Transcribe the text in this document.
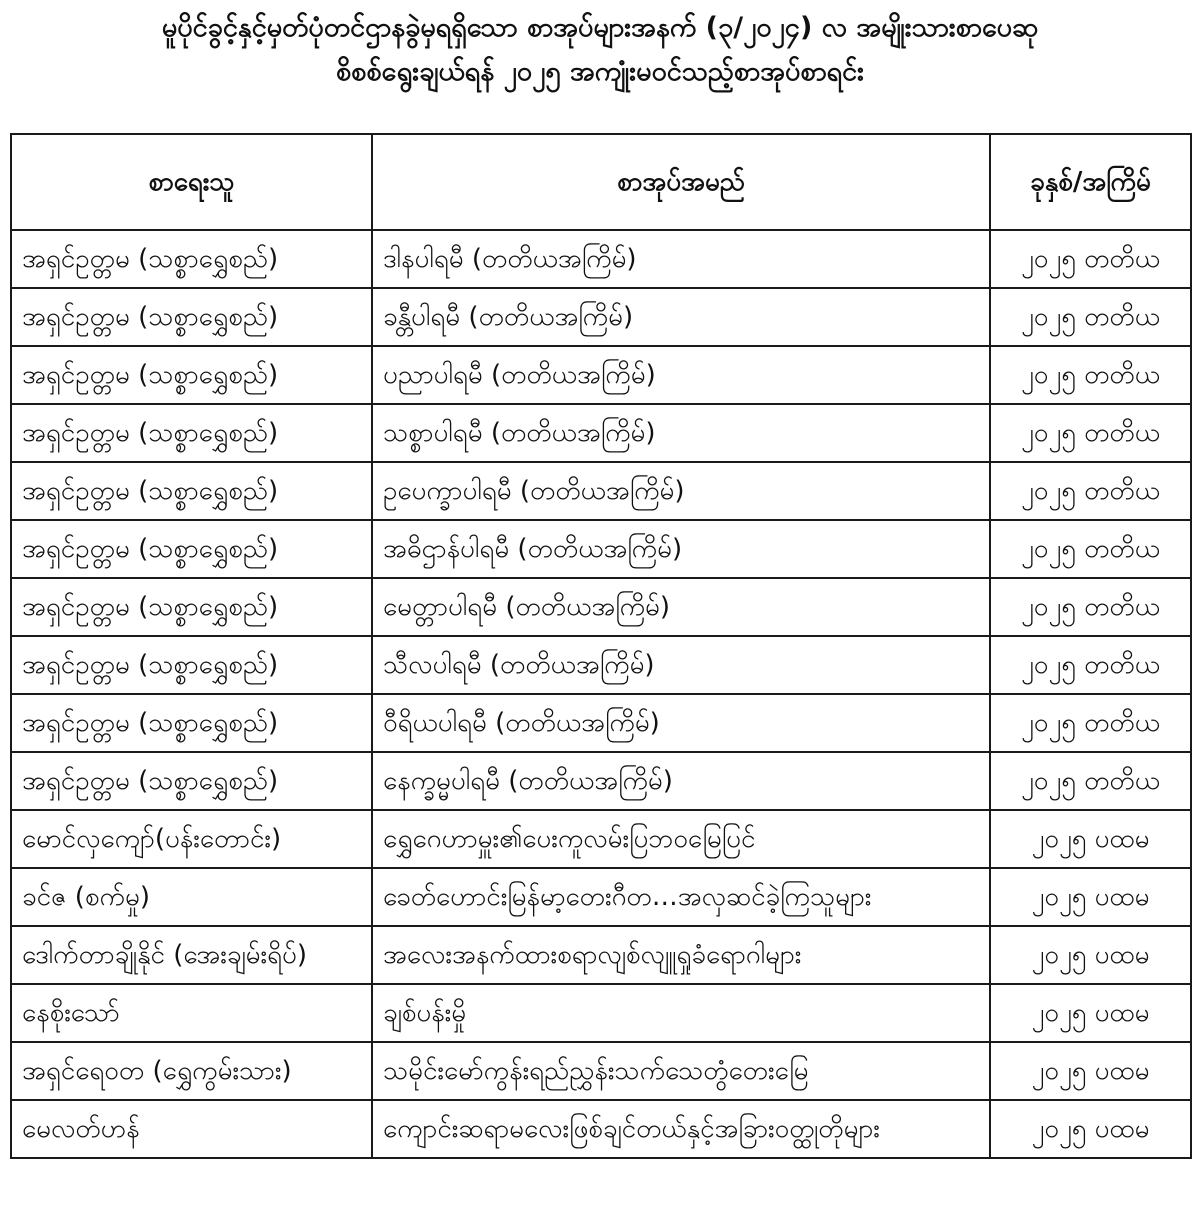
မူပိုင်ခွင့်နှင့်မှတ်ပုံတင်ဌာနခွဲမှရရှိသော စာအုပ်များအနက် (၃/၂၀၂၄) လ အမျိုးသားစာပေဆု
စိစစ်ရွေးချယ်ရန် ၂၀၂၅ အကျုံးမဝင်သည့်စာအုပ်စာရင်း
စာရေးသူ	စာအုပ်အမည်	ခုနှစ်/အကြိမ်
အရှင်ဥတ္တမ (သစ္စာရွှေစည်)	ဒါနပါရမီ (တတိယအကြိမ်)	၂၀၂၅ တတိယ
အရှင်ဥတ္တမ (သစ္စာရွှေစည်)	ခန္တီပါရမီ (တတိယအကြိမ်)	၂၀၂၅ တတိယ
အရှင်ဥတ္တမ (သစ္စာရွှေစည်)	ပညာပါရမီ (တတိယအကြိမ်)	၂၀၂၅ တတိယ
အရှင်ဥတ္တမ (သစ္စာရွှေစည်)	သစ္စာပါရမီ (တတိယအကြိမ်)	၂၀၂၅ တတိယ
အရှင်ဥတ္တမ (သစ္စာရွှေစည်)	ဥပေက္ခာပါရမီ (တတိယအကြိမ်)	၂၀၂၅ တတိယ
အရှင်ဥတ္တမ (သစ္စာရွှေစည်)	အဓိဌာန်ပါရမီ (တတိယအကြိမ်)	၂၀၂၅ တတိယ
အရှင်ဥတ္တမ (သစ္စာရွှေစည်)	မေတ္တာပါရမီ (တတိယအကြိမ်)	၂၀၂၅ တတိယ
အရှင်ဥတ္တမ (သစ္စာရွှေစည်)	သီလပါရမီ (တတိယအကြိမ်)	၂၀၂၅ တတိယ
အရှင်ဥတ္တမ (သစ္စာရွှေစည်)	ဝီရိယပါရမီ (တတိယအကြိမ်)	၂၀၂၅ တတိယ
အရှင်ဥတ္တမ (သစ္စာရွှေစည်)	နေက္ခမ္မပါရမီ (တတိယအကြိမ်)	၂၀၂၅ တတိယ
မောင်လှကျော်(ပန်းတောင်း)	ရွှေဂေဟာမှူး၏ပေးကူလမ်းပြဘဝမြေပြင်	၂၀၂၅ ပထမ
ခင်ဇ (စက်မှု)	ခေတ်ဟောင်းမြန်မာ့တေးဂီတ…အလှဆင်ခဲ့ကြသူများ	၂၀၂၅ ပထမ
ဒေါက်တာချိုနိုင် (အေးချမ်းရိပ်)	အလေးအနက်ထားစရာလျစ်လျူရှုခံရောဂါများ	၂၀၂၅ ပထမ
နေစိုးသော်	ချစ်ပန်းမှို	၂၀၂၅ ပထမ
အရှင်ရေဝတ (ရွှေကွမ်းသား)	သမိုင်းမော်ကွန်းရည်ညွှန်းသက်သေတွံတေးမြေ	၂၀၂၅ ပထမ
မေလတ်ဟန်	ကျောင်းဆရာမလေးဖြစ်ချင်တယ်နှင့်အခြားဝတ္ထုတိုများ	၂၀၂၅ ပထမ
